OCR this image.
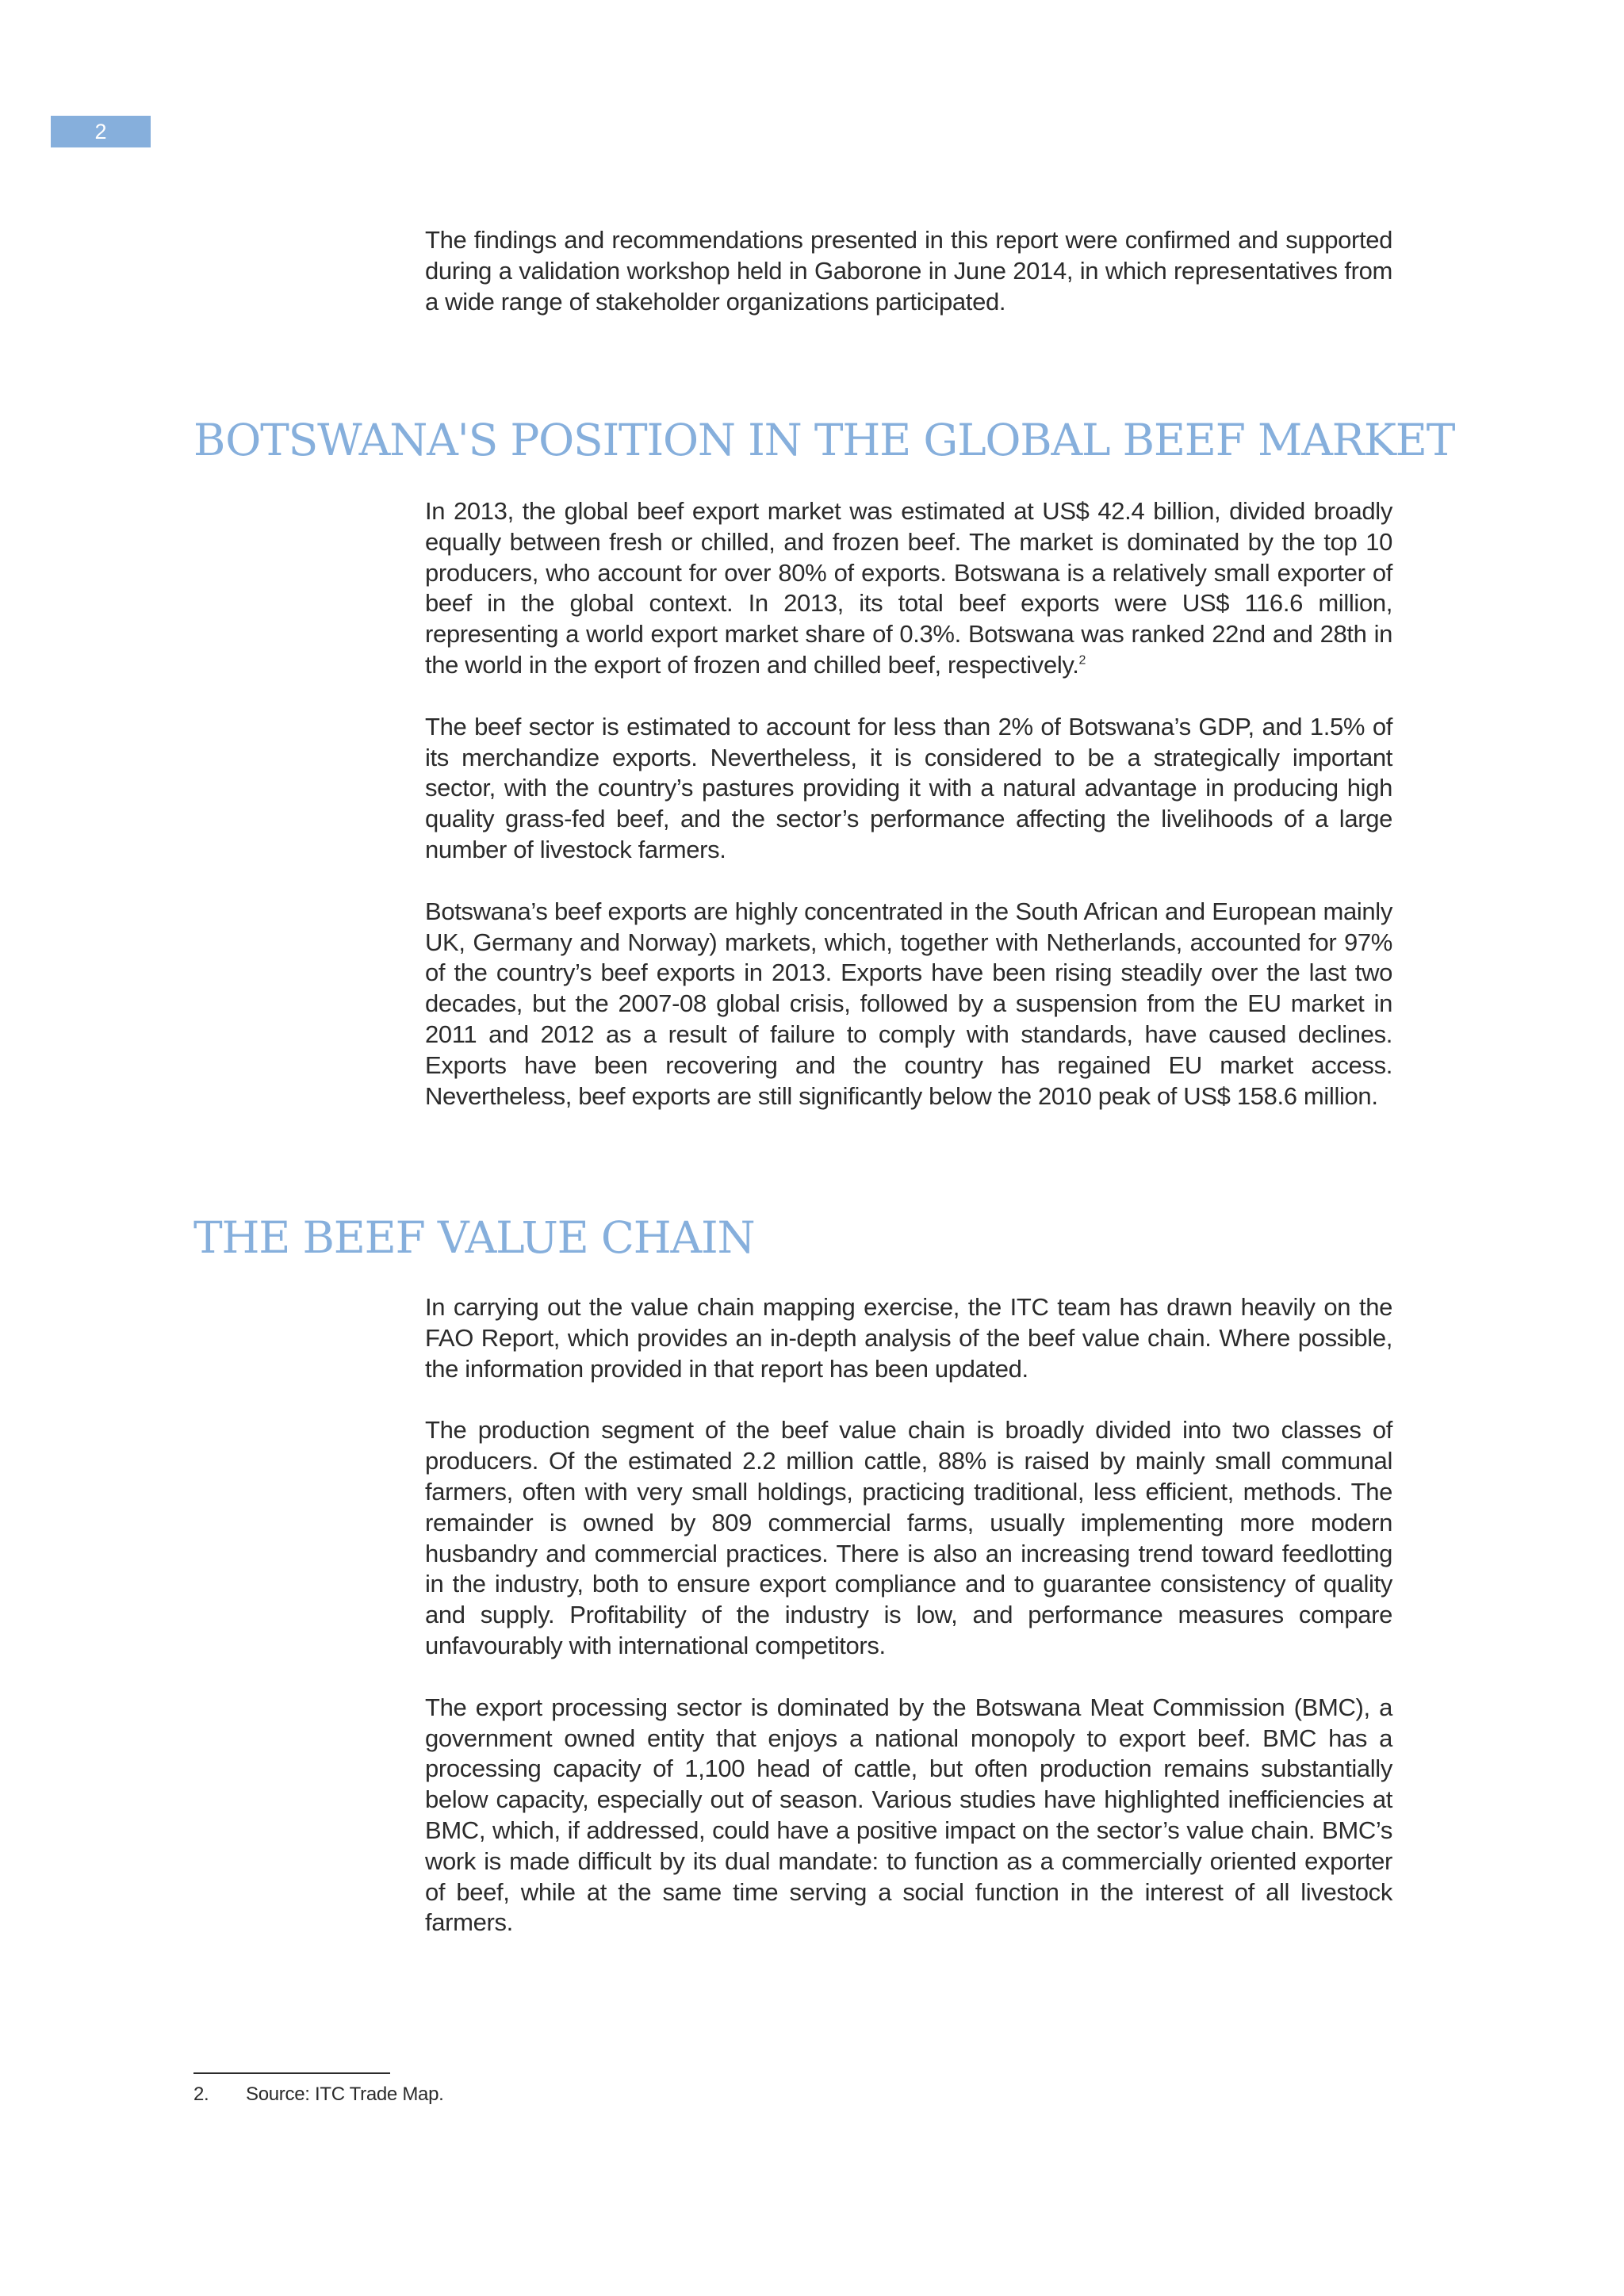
2

The findings and recommendations presented in this report were confirmed and supported during a validation workshop held in Gaborone in June 2014, in which representatives from a wide range of stakeholder organizations participated.

BOTSWANA'S POSITION IN THE GLOBAL BEEF MARKET

In 2013, the global beef export market was estimated at US$ 42.4 billion, divided broadly equally between fresh or chilled, and frozen beef. The market is dominated by the top 10 producers, who account for over 80% of exports. Botswana is a relatively small exporter of beef in the global context. In 2013, its total beef exports were US$ 116.6 million, representing a world export market share of 0.3%. Botswana was ranked 22nd and 28th in the world in the export of frozen and chilled beef, respectively.$^2$

The beef sector is estimated to account for less than 2% of Botswana’s GDP, and 1.5% of its merchandize exports. Nevertheless, it is considered to be a strategically important sector, with the country’s pastures providing it with a natural advantage in producing high quality grass-fed beef, and the sector’s performance affecting the livelihoods of a large number of livestock farmers.

Botswana’s beef exports are highly concentrated in the South African and European mainly UK, Germany and Norway) markets, which, together with Netherlands, accounted for 97% of the country’s beef exports in 2013. Exports have been rising steadily over the last two decades, but the 2007-08 global crisis, followed by a suspension from the EU market in 2011 and 2012 as a result of failure to comply with standards, have caused declines. Exports have been recovering and the country has regained EU market access. Nevertheless, beef exports are still significantly below the 2010 peak of US$ 158.6 million.

THE BEEF VALUE CHAIN

In carrying out the value chain mapping exercise, the ITC team has drawn heavily on the FAO Report, which provides an in-depth analysis of the beef value chain. Where possible, the information provided in that report has been updated.

The production segment of the beef value chain is broadly divided into two classes of producers. Of the estimated 2.2 million cattle, 88% is raised by mainly small communal farmers, often with very small holdings, practicing traditional, less efficient, methods. The remainder is owned by 809 commercial farms, usually implementing more modern husbandry and commercial practices. There is also an increasing trend toward feedlotting in the industry, both to ensure export compliance and to guarantee consistency of quality and supply. Profitability of the industry is low, and performance measures compare unfavourably with international competitors.

The export processing sector is dominated by the Botswana Meat Commission (BMC), a government owned entity that enjoys a national monopoly to export beef. BMC has a processing capacity of 1,100 head of cattle, but often production remains substantially below capacity, especially out of season. Various studies have highlighted inefficiencies at BMC, which, if addressed, could have a positive impact on the sector’s value chain. BMC’s work is made difficult by its dual mandate: to function as a commercially oriented exporter of beef, while at the same time serving a social function in the interest of all livestock farmers.

2. Source: ITC Trade Map.
